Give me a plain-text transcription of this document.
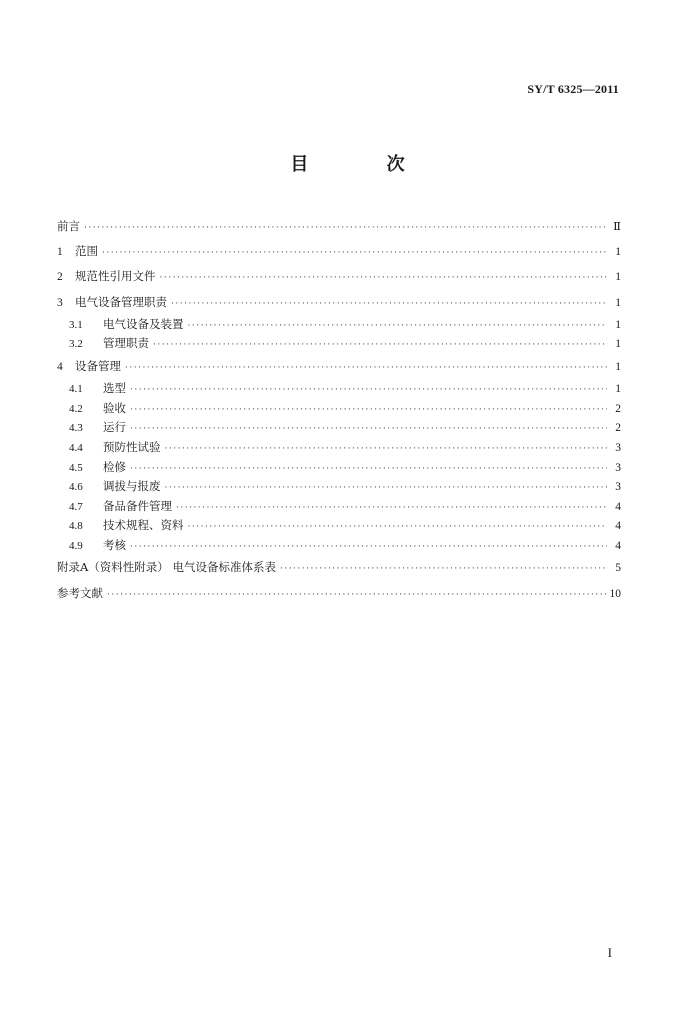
SY/T 6325—2011
目 次
前言 ·····	Ⅱ
1	范围 ·····	1
2	规范性引用文件 ·····	1
3	电气设备管理职责 ·····	1
3.1	电气设备及装置 ·····	1
3.2	管理职责 ·····	1
4	设备管理 ·····	1
4.1	选型 ·····	1
4.2	验收 ·····	2
4.3	运行 ·····	2
4.4	预防性试验 ·····	3
4.5	检修 ·····	3
4.6	调拔与报废 ·····	3
4.7	备品备件管理 ·····	4
4.8	技术规程、资料 ·····	4
4.9	考核 ·····	4
附录A（资料性附录） 电气设备标准体系表 ·····	5
参考文献 ·····	10
I
